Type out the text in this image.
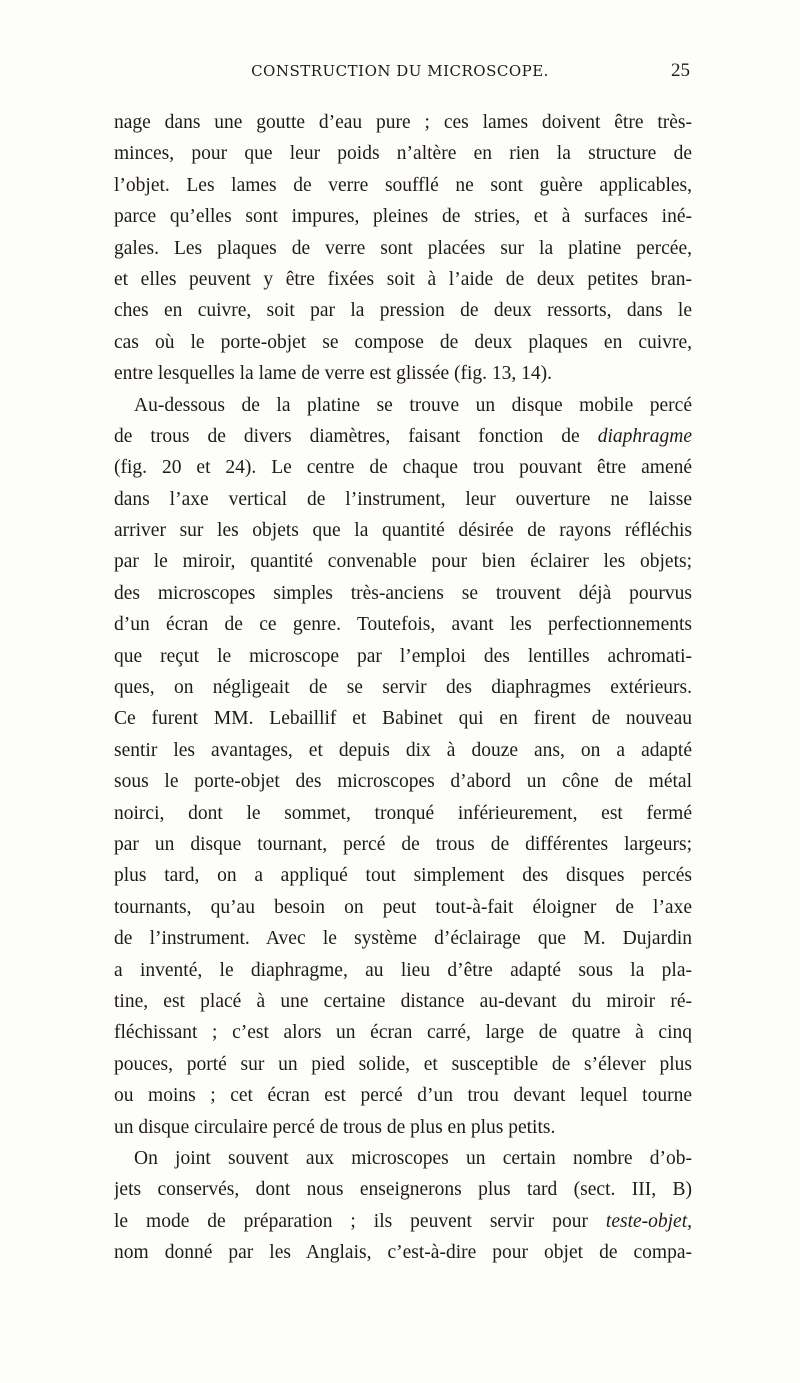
CONSTRUCTION DU MICROSCOPE.	25
nage dans une goutte d’eau pure ; ces lames doivent être très-
minces, pour que leur poids n’altère en rien la structure de
l’objet. Les lames de verre soufflé ne sont guère applicables,
parce qu’elles sont impures, pleines de stries, et à surfaces iné-
gales. Les plaques de verre sont placées sur la platine percée,
et elles peuvent y être fixées soit à l’aide de deux petites bran-
ches en cuivre, soit par la pression de deux ressorts, dans le
cas où le porte-objet se compose de deux plaques en cuivre,
entre lesquelles la lame de verre est glissée (fig. 13, 14).
Au-dessous de la platine se trouve un disque mobile percé
de trous de divers diamètres, faisant fonction de diaphragme
(fig. 20 et 24). Le centre de chaque trou pouvant être amené
dans l’axe vertical de l’instrument, leur ouverture ne laisse
arriver sur les objets que la quantité désirée de rayons réfléchis
par le miroir, quantité convenable pour bien éclairer les objets;
des microscopes simples très-anciens se trouvent déjà pourvus
d’un écran de ce genre. Toutefois, avant les perfectionnements
que reçut le microscope par l’emploi des lentilles achromati-
ques, on négligeait de se servir des diaphragmes extérieurs.
Ce furent MM. Lebaillif et Babinet qui en firent de nouveau
sentir les avantages, et depuis dix à douze ans, on a adapté
sous le porte-objet des microscopes d’abord un cône de métal
noirci, dont le sommet, tronqué inférieurement, est fermé
par un disque tournant, percé de trous de différentes largeurs;
plus tard, on a appliqué tout simplement des disques percés
tournants, qu’au besoin on peut tout-à-fait éloigner de l’axe
de l’instrument. Avec le système d’éclairage que M. Dujardin
a inventé, le diaphragme, au lieu d’être adapté sous la pla-
tine, est placé à une certaine distance au-devant du miroir ré-
fléchissant ; c’est alors un écran carré, large de quatre à cinq
pouces, porté sur un pied solide, et susceptible de s’élever plus
ou moins ; cet écran est percé d’un trou devant lequel tourne
un disque circulaire percé de trous de plus en plus petits.
On joint souvent aux microscopes un certain nombre d’ob-
jets conservés, dont nous enseignerons plus tard (sect. III, B)
le mode de préparation ; ils peuvent servir pour teste-objet,
nom donné par les Anglais, c’est-à-dire pour objet de compa-
